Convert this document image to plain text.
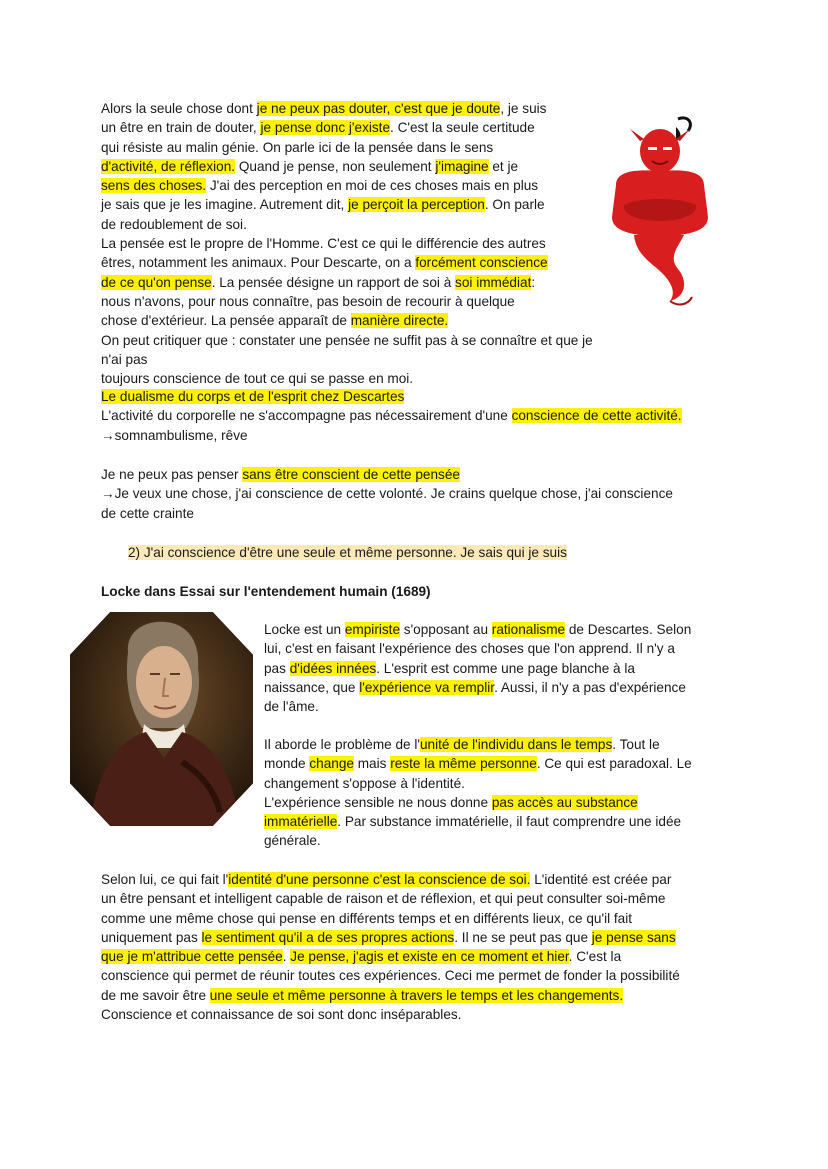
Alors la seule chose dont je ne peux pas douter, c'est que je doute, je suis
un être en train de douter, je pense donc j'existe. C'est la seule certitude
qui résiste au malin génie. On parle ici de la pensée dans le sens
d'activité, de réflexion. Quand je pense, non seulement j'imagine et je
sens des choses. J'ai des perception en moi de ces choses mais en plus
je sais que je les imagine. Autrement dit, je perçoit la perception. On parle
de redoublement de soi.
La pensée est le propre de l'Homme. C'est ce qui le différencie des autres
êtres, notamment les animaux. Pour Descarte, on a forcément conscience
de ce qu'on pense. La pensée désigne un rapport de soi à soi immédiat:
nous n'avons, pour nous connaître, pas besoin de recourir à quelque
chose d'extérieur. La pensée apparaît de manière directe.
On peut critiquer que : constater une pensée ne suffit pas à se connaître et que je n'ai pas
toujours conscience de tout ce qui se passe en moi.

Le dualisme du corps et de l'esprit chez Descartes
L'activité du corporelle ne s'accompagne pas nécessairement d'une conscience de cette activité.
→somnambulisme, rêve

Je ne peux pas penser sans être conscient de cette pensée
→Je veux une chose, j'ai conscience de cette volonté. Je crains quelque chose, j'ai conscience
de cette crainte

2) J'ai conscience d'être une seule et même personne. Je sais qui je suis

Locke dans Essai sur l'entendement humain (1689)

Locke est un empiriste s'opposant au rationalisme de Descartes. Selon
lui, c'est en faisant l'expérience des choses que l'on apprend. Il n'y a
pas d'idées innées. L'esprit est comme une page blanche à la
naissance, que l'expérience va remplir. Aussi, il n'y a pas d'expérience
de l'âme.

Il aborde le problème de l'unité de l'individu dans le temps. Tout le
monde change mais reste la même personne. Ce qui est paradoxal. Le
changement s'oppose à l'identité.
L'expérience sensible ne nous donne pas accès au substance
immatérielle. Par substance immatérielle, il faut comprendre une idée
générale.

Selon lui, ce qui fait l'identité d'une personne c'est la conscience de soi. L'identité est créée par
un être pensant et intelligent capable de raison et de réflexion, et qui peut consulter soi-même
comme une même chose qui pense en différents temps et en différents lieux, ce qu'il fait
uniquement pas le sentiment qu'il a de ses propres actions. Il ne se peut pas que je pense sans
que je m'attribue cette pensée. Je pense, j'agis et existe en ce moment et hier. C'est la
conscience qui permet de réunir toutes ces expériences. Ceci me permet de fonder la possibilité
de me savoir être une seule et même personne à travers le temps et les changements.
Conscience et connaissance de soi sont donc inséparables.
